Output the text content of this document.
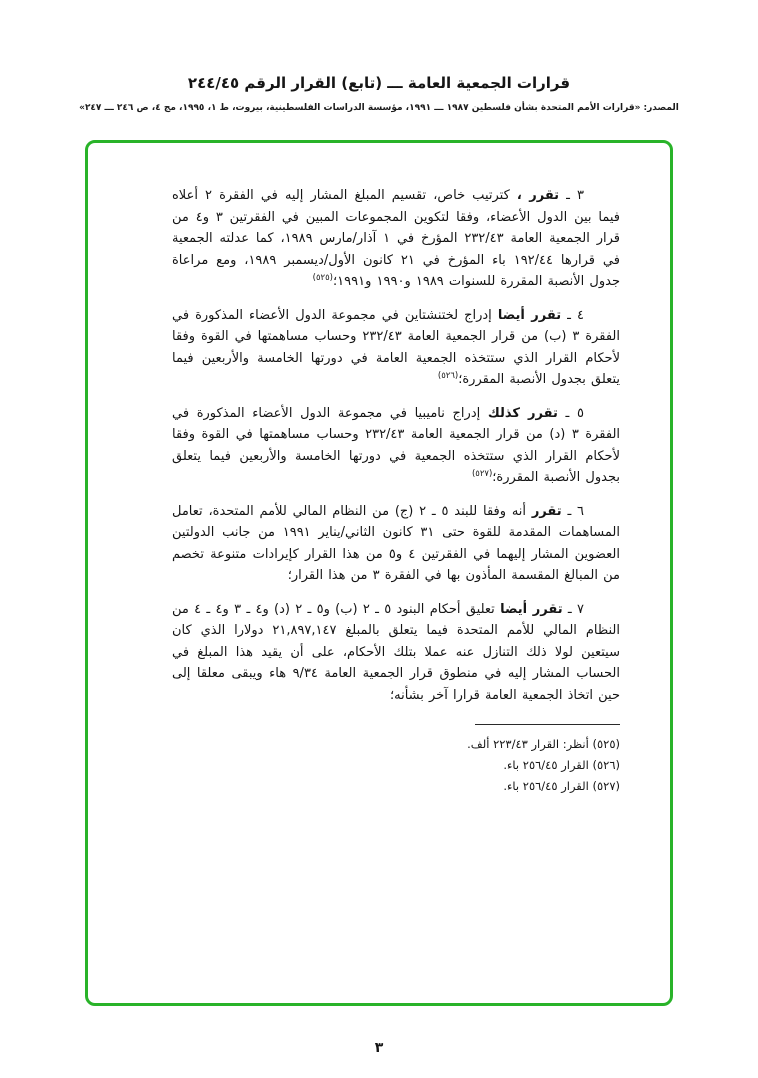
قرارات الجمعية العامة ـــ (تابع) القرار الرقم ٢٤٤/٤٥
المصدر: «قرارات الأمم المتحدة بشأن فلسطين ١٩٨٧ ـــ ١٩٩١، مؤسسة الدراسات الفلسطينية، بيروت، ط ١، ١٩٩٥، مج ٤، ص ٢٤٦ ـــ ٢٤٧»

٣ ـ تقرر ، كترتيب خاص، تقسيم المبلغ المشار إليه في الفقرة ٢ أعلاه فيما بين الدول الأعضاء، وفقا لتكوين المجموعات المبين في الفقرتين ٣ و٤ من قرار الجمعية العامة ٢٣٢/٤٣ المؤرخ في ١ آذار/مارس ١٩٨٩، كما عدلته الجمعية في قرارها ١٩٢/٤٤ باء المؤرخ في ٢١ كانون الأول/ديسمبر ١٩٨٩، ومع مراعاة جدول الأنصبة المقررة للسنوات ١٩٨٩ و١٩٩٠ و١٩٩١؛$^{(٥٢٥)}$

٤ ـ تقرر أيضا إدراج لختنشتاين في مجموعة الدول الأعضاء المذكورة في الفقرة ٣ (ب) من قرار الجمعية العامة ٢٣٢/٤٣ وحساب مساهمتها في القوة وفقا لأحكام القرار الذي ستتخذه الجمعية العامة في دورتها الخامسة والأربعين فيما يتعلق بجدول الأنصبة المقررة؛$^{(٥٢٦)}$

٥ ـ تقرر كذلك إدراج ناميبيا في مجموعة الدول الأعضاء المذكورة في الفقرة ٣ (د) من قرار الجمعية العامة ٢٣٢/٤٣ وحساب مساهمتها في القوة وفقا لأحكام القرار الذي ستتخذه الجمعية في دورتها الخامسة والأربعين فيما يتعلق بجدول الأنصبة المقررة؛$^{(٥٢٧)}$

٦ ـ تقرر أنه وفقا للبند ٥ ـ ٢ (ج) من النظام المالي للأمم المتحدة، تعامل المساهمات المقدمة للقوة حتى ٣١ كانون الثاني/يناير ١٩٩١ من جانب الدولتين العضوين المشار إليهما في الفقرتين ٤ و٥ من هذا القرار كإيرادات متنوعة تخصم من المبالغ المقسمة المأذون بها في الفقرة ٣ من هذا القرار؛

٧ ـ تقرر أيضا تعليق أحكام البنود ٥ ـ ٢ (ب) و٥ ـ ٢ (د) و٤ ـ ٣ و٤ ـ ٤ من النظام المالي للأمم المتحدة فيما يتعلق بالمبلغ ٢١,٨٩٧,١٤٧ دولارا الذي كان سيتعين لولا ذلك التنازل عنه عملا بتلك الأحكام، على أن يقيد هذا المبلغ في الحساب المشار إليه في منطوق قرار الجمعية العامة ٩/٣٤ هاء ويبقى معلقا إلى حين اتخاذ الجمعية العامة قرارا آخر بشأنه؛

(٥٢٥) أنظر: القرار ٢٢٣/٤٣ ألف.
(٥٢٦) القرار ٢٥٦/٤٥ باء.
(٥٢٧) القرار ٢٥٦/٤٥ باء.
٣
